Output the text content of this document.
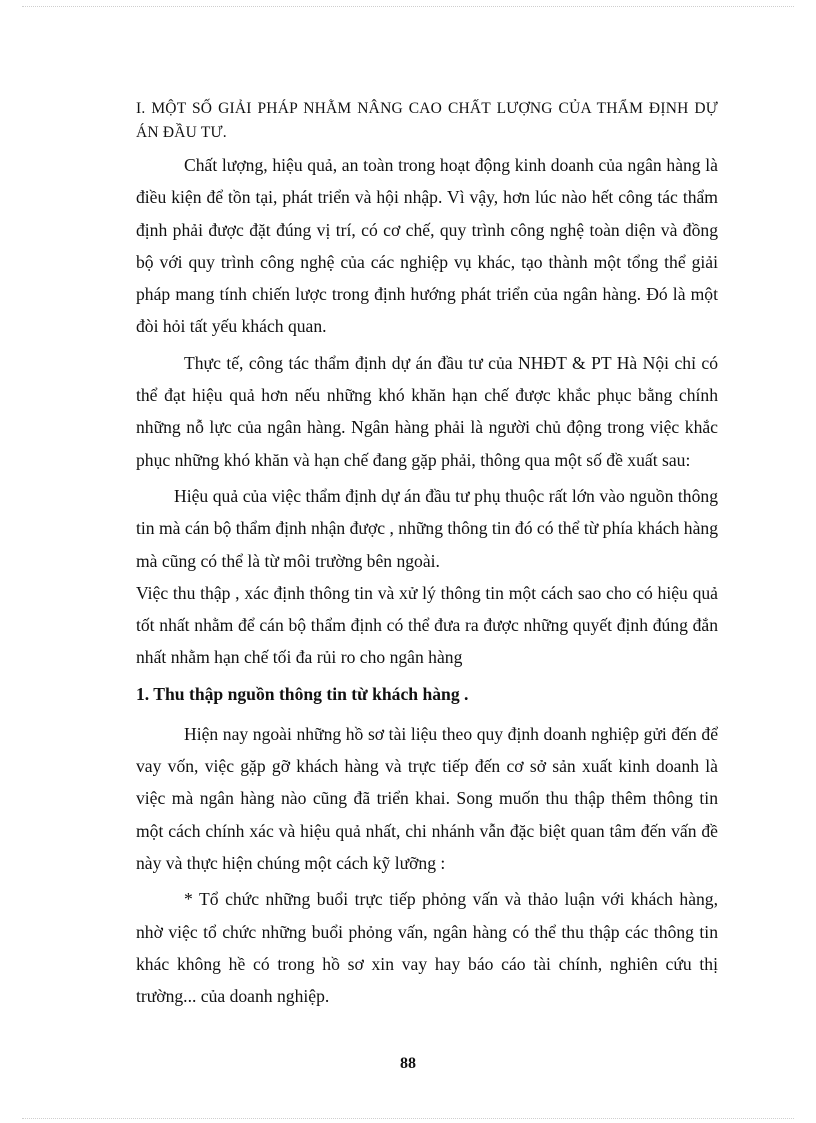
I. MỘT SỐ GIẢI PHÁP NHẰM NÂNG CAO CHẤT LƯỢNG CỦA THẨM ĐỊNH DỰ ÁN ĐẦU TƯ.

Chất lượng, hiệu quả, an toàn trong hoạt động kinh doanh của ngân hàng là điều kiện để tồn tại, phát triển và hội nhập. Vì vậy, hơn lúc nào hết công tác thẩm định phải được đặt đúng vị trí, có cơ chế, quy trình công nghệ toàn diện và đồng bộ với quy trình công nghệ của các nghiệp vụ khác, tạo thành một tổng thể giải pháp mang tính chiến lược trong định hướng phát triển của ngân hàng. Đó là một đòi hỏi tất yếu khách quan.

Thực tế, công tác thẩm định dự án đầu tư của NHĐT & PT Hà Nội chỉ có thể đạt hiệu quả hơn nếu những khó khăn hạn chế được khắc phục bằng chính những nỗ lực của ngân hàng. Ngân hàng phải là người chủ động trong việc khắc phục những khó khăn và hạn chế đang gặp phải, thông qua một số đề xuất sau:

Hiệu quả của việc thẩm định dự án đầu tư phụ thuộc rất lớn vào nguồn thông tin mà cán bộ thẩm định nhận được , những thông tin đó có thể từ phía khách hàng mà cũng có thể là từ môi trường bên ngoài.

Việc thu thập , xác định thông tin và xử lý thông tin một cách sao cho có hiệu quả tốt nhất nhằm để cán bộ thẩm định có thể đưa ra được những quyết định đúng đắn nhất nhằm hạn chế tối đa rủi ro cho ngân hàng

1. Thu thập nguồn thông tin từ khách hàng .

Hiện nay ngoài những hồ sơ tài liệu theo quy định doanh nghiệp gửi đến để vay vốn, việc gặp gỡ khách hàng và trực tiếp đến cơ sở sản xuất kinh doanh là việc mà ngân hàng nào cũng đã triển khai. Song muốn thu thập thêm thông tin một cách chính xác và hiệu quả nhất, chi nhánh vẫn đặc biệt quan tâm đến vấn đề này và thực hiện chúng một cách kỹ lưỡng :

* Tổ chức những buổi trực tiếp phỏng vấn và thảo luận với khách hàng, nhờ việc tổ chức những buổi phỏng vấn, ngân hàng có thể thu thập các thông tin khác không hề có trong hồ sơ xin vay hay báo cáo tài chính, nghiên cứu thị trường... của doanh nghiệp.

88
